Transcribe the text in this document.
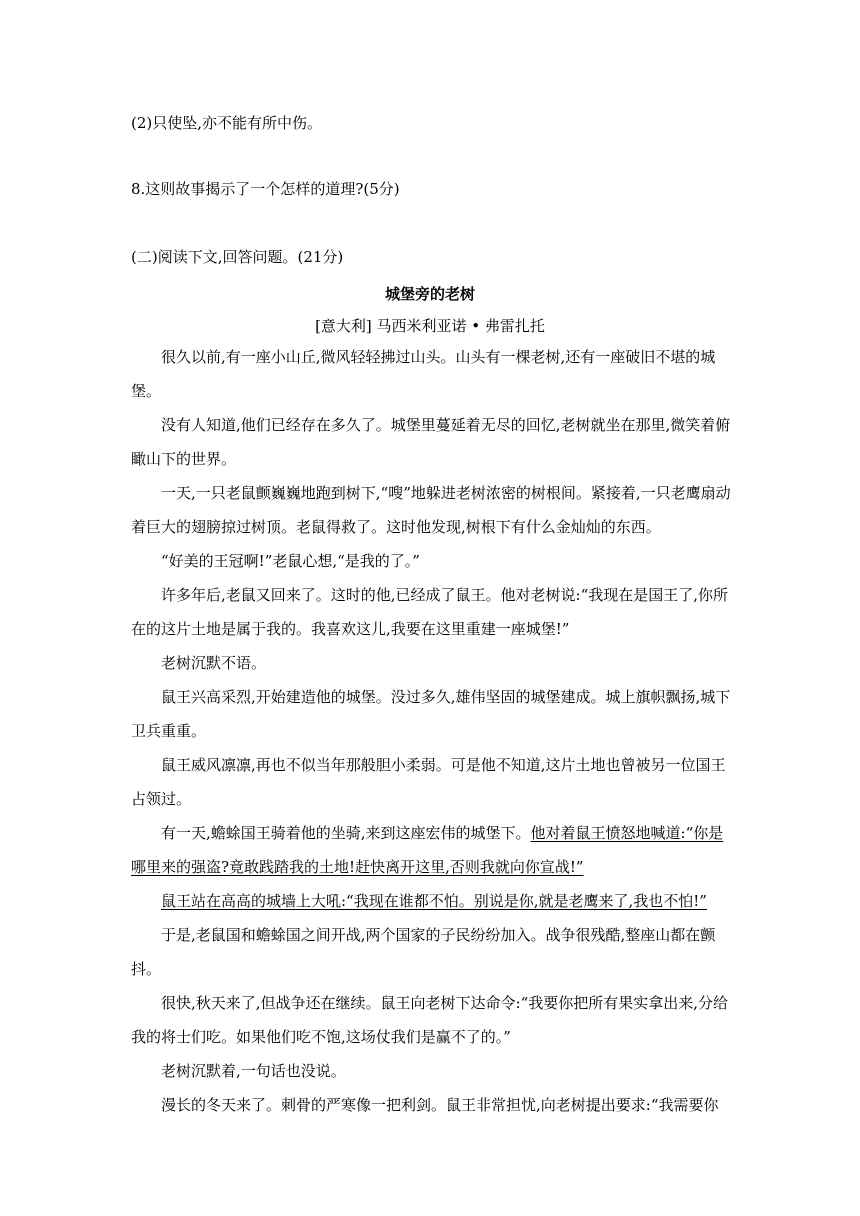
(2)只使坠,亦不能有所中伤。
8.这则故事揭示了一个怎样的道理?(5分)
(二)阅读下文,回答问题。(21分)
城堡旁的老树
[意大利] 马西米利亚诺 • 弗雷扎托
很久以前,有一座小山丘,微风轻轻拂过山头。山头有一棵老树,还有一座破旧不堪的城堡。
没有人知道,他们已经存在多久了。城堡里蔓延着无尽的回忆,老树就坐在那里,微笑着俯瞰山下的世界。
一天,一只老鼠颤巍巍地跑到树下,“嗖”地躲进老树浓密的树根间。紧接着,一只老鹰扇动着巨大的翅膀掠过树顶。老鼠得救了。这时他发现,树根下有什么金灿灿的东西。
“好美的王冠啊!”老鼠心想,“是我的了。”
许多年后,老鼠又回来了。这时的他,已经成了鼠王。他对老树说:“我现在是国王了,你所在的这片土地是属于我的。我喜欢这儿,我要在这里重建一座城堡!”
老树沉默不语。
鼠王兴高采烈,开始建造他的城堡。没过多久,雄伟坚固的城堡建成。城上旗帜飘扬,城下卫兵重重。
鼠王威风凛凛,再也不似当年那般胆小柔弱。可是他不知道,这片土地也曾被另一位国王占领过。
有一天,蟾蜍国王骑着他的坐骑,来到这座宏伟的城堡下。他对着鼠王愤怒地喊道:“你是哪里来的强盗?竟敢践踏我的土地!赶快离开这里,否则我就向你宣战!”
鼠王站在高高的城墙上大吼:“我现在谁都不怕。别说是你,就是老鹰来了,我也不怕!”
于是,老鼠国和蟾蜍国之间开战,两个国家的子民纷纷加入。战争很残酷,整座山都在颤抖。
很快,秋天来了,但战争还在继续。鼠王向老树下达命令:“我要你把所有果实拿出来,分给我的将士们吃。如果他们吃不饱,这场仗我们是赢不了的。”
老树沉默着,一句话也没说。
漫长的冬天来了。刺骨的严寒像一把利剑。鼠王非常担忧,向老树提出要求:“我需要你
